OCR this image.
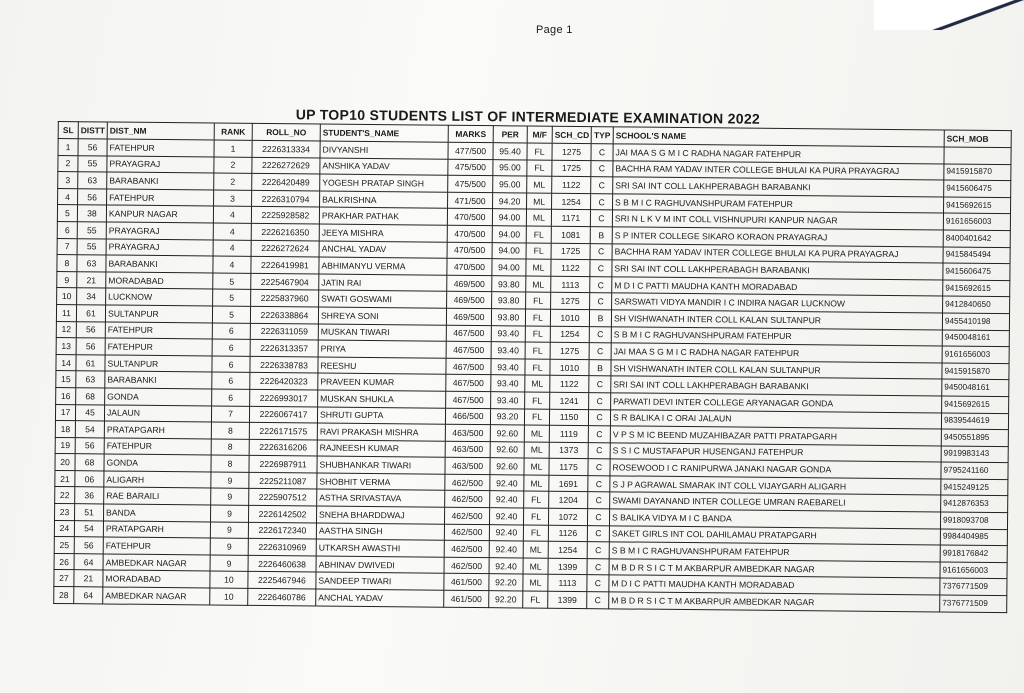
Page 1
UP TOP10 STUDENTS LIST OF INTERMEDIATE EXAMINATION 2022
SL	DISTT	DIST_NM	RANK	ROLL_NO	STUDENT'S_NAME	MARKS	PER	M/F	SCH_CD	TYP	SCHOOL'S NAME	SCH_MOB
1	56	FATEHPUR	1	2226313334	DIVYANSHI	477/500	95.40	FL	1275	C	JAI MAA S G M I C RADHA NAGAR FATEHPUR	
2	55	PRAYAGRAJ	2	2226272629	ANSHIKA YADAV	475/500	95.00	FL	1725	C	BACHHA RAM YADAV INTER COLLEGE BHULAI KA PURA PRAYAGRAJ	9415915870
3	63	BARABANKI	2	2226420489	YOGESH PRATAP SINGH	475/500	95.00	ML	1122	C	SRI SAI INT COLL LAKHPERABAGH BARABANKI	9415606475
4	56	FATEHPUR	3	2226310794	BALKRISHNA	471/500	94.20	ML	1254	C	S B M I C RAGHUVANSHPURAM FATEHPUR	9415692615
5	38	KANPUR NAGAR	4	2225928582	PRAKHAR PATHAK	470/500	94.00	ML	1171	C	SRI N L K V M INT COLL VISHNUPURI KANPUR NAGAR	9161656003
6	55	PRAYAGRAJ	4	2226216350	JEEYA MISHRA	470/500	94.00	FL	1081	B	S P INTER COLLEGE SIKARO KORAON PRAYAGRAJ	8400401642
7	55	PRAYAGRAJ	4	2226272624	ANCHAL YADAV	470/500	94.00	FL	1725	C	BACHHA RAM YADAV INTER COLLEGE BHULAI KA PURA PRAYAGRAJ	9415845494
8	63	BARABANKI	4	2226419981	ABHIMANYU VERMA	470/500	94.00	ML	1122	C	SRI SAI INT COLL LAKHPERABAGH BARABANKI	9415606475
9	21	MORADABAD	5	2225467904	JATIN RAI	469/500	93.80	ML	1113	C	M D I C PATTI MAUDHA KANTH MORADABAD	9415692615
10	34	LUCKNOW	5	2225837960	SWATI GOSWAMI	469/500	93.80	FL	1275	C	SARSWATI VIDYA MANDIR I C INDIRA NAGAR LUCKNOW	9412840650
11	61	SULTANPUR	5	2226338864	SHREYA SONI	469/500	93.80	FL	1010	B	SH VISHWANATH INTER COLL KALAN SULTANPUR	9455410198
12	56	FATEHPUR	6	2226311059	MUSKAN TIWARI	467/500	93.40	FL	1254	C	S B M I C RAGHUVANSHPURAM FATEHPUR	9450048161
13	56	FATEHPUR	6	2226313357	PRIYA	467/500	93.40	FL	1275	C	JAI MAA S G M I C RADHA NAGAR FATEHPUR	9161656003
14	61	SULTANPUR	6	2226338783	REESHU	467/500	93.40	FL	1010	B	SH VISHWANATH INTER COLL KALAN SULTANPUR	9415915870
15	63	BARABANKI	6	2226420323	PRAVEEN KUMAR	467/500	93.40	ML	1122	C	SRI SAI INT COLL LAKHPERABAGH BARABANKI	9450048161
16	68	GONDA	6	2226993017	MUSKAN SHUKLA	467/500	93.40	FL	1241	C	PARWATI DEVI INTER COLLEGE ARYANAGAR GONDA	9415692615
17	45	JALAUN	7	2226067417	SHRUTI GUPTA	466/500	93.20	FL	1150	C	S R BALIKA I C ORAI JALAUN	9839544619
18	54	PRATAPGARH	8	2226171575	RAVI PRAKASH MISHRA	463/500	92.60	ML	1119	C	V P S M IC BEEND MUZAHIBAZAR PATTI PRATAPGARH	9450551895
19	56	FATEHPUR	8	2226316206	RAJNEESH KUMAR	463/500	92.60	ML	1373	C	S S I C MUSTAFAPUR HUSENGANJ FATEHPUR	9919983143
20	68	GONDA	8	2226987911	SHUBHANKAR TIWARI	463/500	92.60	ML	1175	C	ROSEWOOD I C RANIPURWA JANAKI NAGAR GONDA	9795241160
21	06	ALIGARH	9	2225211087	SHOBHIT VERMA	462/500	92.40	ML	1691	C	S J P AGRAWAL SMARAK INT COLL VIJAYGARH ALIGARH	9415249125
22	36	RAE BARAILI	9	2225907512	ASTHA SRIVASTAVA	462/500	92.40	FL	1204	C	SWAMI DAYANAND INTER COLLEGE UMRAN RAEBARELI	9412876353
23	51	BANDA	9	2226142502	SNEHA BHARDDWAJ	462/500	92.40	FL	1072	C	S BALIKA VIDYA M I C BANDA	9918093708
24	54	PRATAPGARH	9	2226172340	AASTHA SINGH	462/500	92.40	FL	1126	C	SAKET GIRLS INT COL DAHILAMAU PRATAPGARH	9984404985
25	56	FATEHPUR	9	2226310969	UTKARSH AWASTHI	462/500	92.40	ML	1254	C	S B M I C RAGHUVANSHPURAM FATEHPUR	9918176842
26	64	AMBEDKAR NAGAR	9	2226460638	ABHINAV DWIVEDI	462/500	92.40	ML	1399	C	M B D R S I C T M AKBARPUR AMBEDKAR NAGAR	9161656003
27	21	MORADABAD	10	2225467946	SANDEEP TIWARI	461/500	92.20	ML	1113	C	M D I C PATTI MAUDHA KANTH MORADABAD	7376771509
28	64	AMBEDKAR NAGAR	10	2226460786	ANCHAL YADAV	461/500	92.20	FL	1399	C	M B D R S I C T M AKBARPUR AMBEDKAR NAGAR	7376771509
